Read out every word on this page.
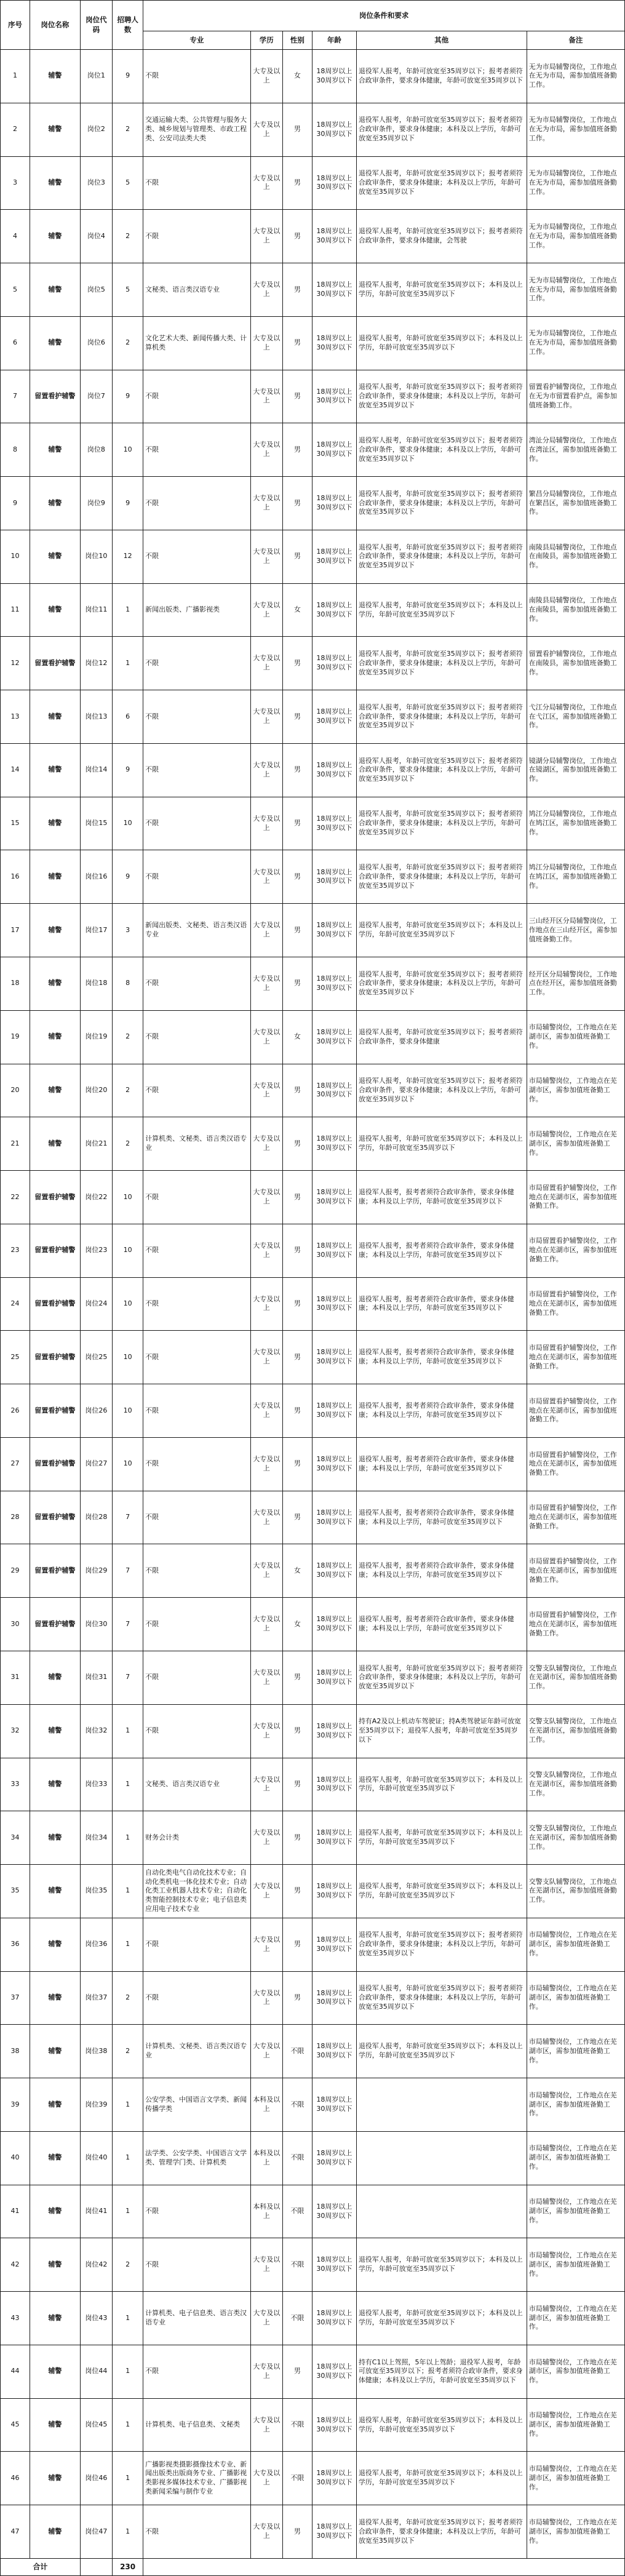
序号	岗位名称	岗位代码	招聘人数	岗位条件和要求					
				专业	学历	性别	年龄	其他	备注
1	辅警	岗位1	9	不限	大专及以上	女	18周岁以上30周岁以下	退役军人报考，年龄可放宽至35周岁以下；报考者须符合政审条件，要求身体健康，年龄可放宽至35周岁以下	无为市局辅警岗位，工作地点在无为市局，需参加值班备勤工作。
2	辅警	岗位2	2	交通运输大类、公共管理与服务大类、城乡规划与管理类、市政工程类、公安司法类大类	大专及以上	男	18周岁以上30周岁以下	退役军人报考，年龄可放宽至35周岁以下；报考者须符合政审条件，要求身体健康；本科及以上学历，年龄可放宽至35周岁以下	无为市局辅警岗位，工作地点在无为市局，需参加值班备勤工作。
3	辅警	岗位3	5	不限	大专及以上	男	18周岁以上30周岁以下	退役军人报考，年龄可放宽至35周岁以下；报考者须符合政审条件，要求身体健康；本科及以上学历，年龄可放宽至35周岁以下	无为市局辅警岗位，工作地点在无为市局，需参加值班备勤工作。
4	辅警	岗位4	2	不限	大专及以上	男	18周岁以上30周岁以下	退役军人报考，年龄可放宽至35周岁以下；报考者须符合政审条件，要求身体健康，会驾驶	无为市局辅警岗位，工作地点在无为市局，需参加值班备勤工作。
5	辅警	岗位5	5	文秘类、语言类汉语专业	大专及以上	男	18周岁以上30周岁以下	退役军人报考，年龄可放宽至35周岁以下；本科及以上学历，年龄可放宽至35周岁以下	无为市局辅警岗位，工作地点在无为市局，需参加值班备勤工作。
6	辅警	岗位6	2	文化艺术大类、新闻传播大类、计算机类	大专及以上	男	18周岁以上30周岁以下	退役军人报考，年龄可放宽至35周岁以下；本科及以上学历，年龄可放宽至35周岁以下	无为市局辅警岗位，工作地点在无为市局，需参加值班备勤工作。
7	留置看护辅警	岗位7	9	不限	大专及以上	男	18周岁以上30周岁以下	退役军人报考，年龄可放宽至35周岁以下；报考者须符合政审条件，要求身体健康；本科及以上学历，年龄可放宽至35周岁以下	留置看护辅警岗位，工作地点在无为市留置看护点，需参加值班备勤工作。
8	辅警	岗位8	10	不限	大专及以上	男	18周岁以上30周岁以下	退役军人报考，年龄可放宽至35周岁以下；报考者须符合政审条件，要求身体健康；本科及以上学历，年龄可放宽至35周岁以下	湾沚分局辅警岗位，工作地点在湾沚区，需参加值班备勤工作。
9	辅警	岗位9	9	不限	大专及以上	男	18周岁以上30周岁以下	退役军人报考，年龄可放宽至35周岁以下；报考者须符合政审条件，要求身体健康；本科及以上学历，年龄可放宽至35周岁以下	繁昌分局辅警岗位，工作地点在繁昌区，需参加值班备勤工作。
10	辅警	岗位10	12	不限	大专及以上	男	18周岁以上30周岁以下	退役军人报考，年龄可放宽至35周岁以下；报考者须符合政审条件，要求身体健康；本科及以上学历，年龄可放宽至35周岁以下	南陵县局辅警岗位，工作地点在南陵县，需参加值班备勤工作。
11	辅警	岗位11	1	新闻出版类、广播影视类	大专及以上	女	18周岁以上30周岁以下	退役军人报考，年龄可放宽至35周岁以下；本科及以上学历，年龄可放宽至35周岁以下	南陵县局辅警岗位，工作地点在南陵县，需参加值班备勤工作。
12	留置看护辅警	岗位12	1	不限	大专及以上	男	18周岁以上30周岁以下	退役军人报考，年龄可放宽至35周岁以下；报考者须符合政审条件，要求身体健康；本科及以上学历，年龄可放宽至35周岁以下	留置看护辅警岗位，工作地点在南陵县，需参加值班备勤工作。
13	辅警	岗位13	6	不限	大专及以上	男	18周岁以上30周岁以下	退役军人报考，年龄可放宽至35周岁以下；报考者须符合政审条件，要求身体健康；本科及以上学历，年龄可放宽至35周岁以下	弋江分局辅警岗位，工作地点在弋江区，需参加值班备勤工作。
14	辅警	岗位14	9	不限	大专及以上	男	18周岁以上30周岁以下	退役军人报考，年龄可放宽至35周岁以下；报考者须符合政审条件，要求身体健康；本科及以上学历，年龄可放宽至35周岁以下	镜湖分局辅警岗位，工作地点在镜湖区，需参加值班备勤工作。
15	辅警	岗位15	10	不限	大专及以上	男	18周岁以上30周岁以下	退役军人报考，年龄可放宽至35周岁以下；报考者须符合政审条件，要求身体健康；本科及以上学历，年龄可放宽至35周岁以下	鸠江分局辅警岗位，工作地点在鸠江区，需参加值班备勤工作。
16	辅警	岗位16	9	不限	大专及以上	男	18周岁以上30周岁以下	退役军人报考，年龄可放宽至35周岁以下；报考者须符合政审条件，要求身体健康；本科及以上学历，年龄可放宽至35周岁以下	鸠江分局辅警岗位，工作地点在鸠江区，需参加值班备勤工作。
17	辅警	岗位17	3	新闻出版类、文秘类、语言类汉语专业	大专及以上	男	18周岁以上30周岁以下	退役军人报考，年龄可放宽至35周岁以下；本科及以上学历，年龄可放宽至35周岁以下	三山经开区分局辅警岗位，工作地点在三山经开区，需参加值班备勤工作。
18	辅警	岗位18	8	不限	大专及以上	男	18周岁以上30周岁以下	退役军人报考，年龄可放宽至35周岁以下；报考者须符合政审条件，要求身体健康；本科及以上学历，年龄可放宽至35周岁以下	经开区分局辅警岗位，工作地点在经开区，需参加值班备勤工作。
19	辅警	岗位19	2	不限	大专及以上	女	18周岁以上30周岁以下	退役军人报考，年龄可放宽至35周岁以下；报考者须符合政审条件，要求身体健康	市局辅警岗位，工作地点在芜湖市区，需参加值班备勤工作。
20	辅警	岗位20	2	不限	大专及以上	男	18周岁以上30周岁以下	退役军人报考，年龄可放宽至35周岁以下；报考者须符合政审条件，要求身体健康；本科及以上学历，年龄可放宽至35周岁以下	市局辅警岗位，工作地点在芜湖市区，需参加值班备勤工作。
21	辅警	岗位21	2	计算机类、文秘类、语言类汉语专业	大专及以上	男	18周岁以上30周岁以下	退役军人报考，年龄可放宽至35周岁以下；本科及以上学历，年龄可放宽至35周岁以下	市局辅警岗位，工作地点在芜湖市区，需参加值班备勤工作。
22	留置看护辅警	岗位22	10	不限	大专及以上	男	18周岁以上30周岁以下	退役军人报考，报考者须符合政审条件，要求身体健康；本科及以上学历，年龄可放宽至35周岁以下	市局留置看护辅警岗位，工作地点在芜湖市区，需参加值班备勤工作。
23	留置看护辅警	岗位23	10	不限	大专及以上	男	18周岁以上30周岁以下	退役军人报考，报考者须符合政审条件，要求身体健康；本科及以上学历，年龄可放宽至35周岁以下	市局留置看护辅警岗位，工作地点在芜湖市区，需参加值班备勤工作。
24	留置看护辅警	岗位24	10	不限	大专及以上	男	18周岁以上30周岁以下	退役军人报考，报考者须符合政审条件，要求身体健康；本科及以上学历，年龄可放宽至35周岁以下	市局留置看护辅警岗位，工作地点在芜湖市区，需参加值班备勤工作。
25	留置看护辅警	岗位25	10	不限	大专及以上	男	18周岁以上30周岁以下	退役军人报考，报考者须符合政审条件，要求身体健康；本科及以上学历，年龄可放宽至35周岁以下	市局留置看护辅警岗位，工作地点在芜湖市区，需参加值班备勤工作。
26	留置看护辅警	岗位26	10	不限	大专及以上	男	18周岁以上30周岁以下	退役军人报考，报考者须符合政审条件，要求身体健康；本科及以上学历，年龄可放宽至35周岁以下	市局留置看护辅警岗位，工作地点在芜湖市区，需参加值班备勤工作。
27	留置看护辅警	岗位27	10	不限	大专及以上	男	18周岁以上30周岁以下	退役军人报考，报考者须符合政审条件，要求身体健康；本科及以上学历，年龄可放宽至35周岁以下	市局留置看护辅警岗位，工作地点在芜湖市区，需参加值班备勤工作。
28	留置看护辅警	岗位28	7	不限	大专及以上	男	18周岁以上30周岁以下	退役军人报考，报考者须符合政审条件，要求身体健康；本科及以上学历，年龄可放宽至35周岁以下	市局留置看护辅警岗位，工作地点在芜湖市区，需参加值班备勤工作。
29	留置看护辅警	岗位29	7	不限	大专及以上	女	18周岁以上30周岁以下	退役军人报考，报考者须符合政审条件，要求身体健康；本科及以上学历，年龄可放宽至35周岁以下	市局留置看护辅警岗位，工作地点在芜湖市区，需参加值班备勤工作。
30	留置看护辅警	岗位30	7	不限	大专及以上	女	18周岁以上30周岁以下	退役军人报考，报考者须符合政审条件，要求身体健康；本科及以上学历，年龄可放宽至35周岁以下	市局留置看护辅警岗位，工作地点在芜湖市区，需参加值班备勤工作。
31	辅警	岗位31	7	不限	大专及以上	男	18周岁以上30周岁以下	退役军人报考，年龄可放宽至35周岁以下；报考者须符合政审条件，要求身体健康；本科及以上学历，年龄可放宽至35周岁以下	交警支队辅警岗位，工作地点在芜湖市区，需参加值班备勤工作。
32	辅警	岗位32	1	不限	大专及以上	男	18周岁以上30周岁以下	持有A2及以上机动车驾驶证；持A类驾驶证年龄可放宽至35周岁以下；退役军人报考，年龄可放宽至35周岁以下	交警支队辅警岗位，工作地点在芜湖市区，需参加值班备勤工作。
33	辅警	岗位33	1	文秘类、语言类汉语专业	大专及以上	男	18周岁以上30周岁以下	退役军人报考，年龄可放宽至35周岁以下；本科及以上学历，年龄可放宽至35周岁以下	交警支队辅警岗位，工作地点在芜湖市区，需参加值班备勤工作。
34	辅警	岗位34	1	财务会计类	大专及以上	男	18周岁以上30周岁以下	退役军人报考，年龄可放宽至35周岁以下；本科及以上学历，年龄可放宽至35周岁以下	交警支队辅警岗位，工作地点在芜湖市区，需参加值班备勤工作。
35	辅警	岗位35	1	自动化类电气自动化技术专业；自动化类机电一体化技术专业；自动化类工业机器人技术专业；自动化类智能控制技术专业；电子信息类应用电子技术专业	大专及以上	男	18周岁以上30周岁以下	退役军人报考，年龄可放宽至35周岁以下；本科及以上学历，年龄可放宽至35周岁以下	交警支队辅警岗位，工作地点在芜湖市区，需参加值班备勤工作。
36	辅警	岗位36	1	不限	大专及以上	男	18周岁以上30周岁以下	退役军人报考，年龄可放宽至35周岁以下；报考者须符合政审条件，要求身体健康；本科及以上学历，年龄可放宽至35周岁以下	市局辅警岗位，工作地点在芜湖市区，需参加值班备勤工作。
37	辅警	岗位37	2	不限	大专及以上	男	18周岁以上30周岁以下	退役军人报考，年龄可放宽至35周岁以下；报考者须符合政审条件，要求身体健康；本科及以上学历，年龄可放宽至35周岁以下	市局辅警岗位，工作地点在芜湖市区，需参加值班备勤工作。
38	辅警	岗位38	2	计算机类、文秘类、语言类汉语专业	大专及以上	不限	18周岁以上30周岁以下	退役军人报考，年龄可放宽至35周岁以下；本科及以上学历，年龄可放宽至35周岁以下	市局辅警岗位，工作地点在芜湖市区，需参加值班备勤工作。
39	辅警	岗位39	1	公安学类、中国语言文学类、新闻传播学类	本科及以上	不限	18周岁以上30周岁以下		市局辅警岗位，工作地点在芜湖市区，需参加值班备勤工作。
40	辅警	岗位40	1	法学类、公安学类、中国语言文学类、管理学门类、计算机类	本科及以上	不限	18周岁以上30周岁以下		市局辅警岗位，工作地点在芜湖市区，需参加值班备勤工作。
41	辅警	岗位41	1	不限	本科及以上	不限	18周岁以上30周岁以下		市局辅警岗位，工作地点在芜湖市区，需参加值班备勤工作。
42	辅警	岗位42	2	不限	大专及以上	不限	18周岁以上30周岁以下	退役军人报考，年龄可放宽至35周岁以下；本科及以上学历，年龄可放宽至35周岁以下	市局辅警岗位，工作地点在芜湖市区，需参加值班备勤工作。
43	辅警	岗位43	1	计算机类、电子信息类、语言类汉语专业	大专及以上	不限	18周岁以上30周岁以下	退役军人报考，年龄可放宽至35周岁以下；本科及以上学历，年龄可放宽至35周岁以下	市局辅警岗位，工作地点在芜湖市区，需参加值班备勤工作。
44	辅警	岗位44	1	不限	大专及以上	男	18周岁以上30周岁以下	持有C1以上驾照，5年以上驾龄；退役军人报考，年龄可放宽至35周岁以下；报考者须符合政审条件，要求身体健康；本科及以上学历，年龄可放宽至35周岁以下	市局辅警岗位，工作地点在芜湖市区，需参加值班备勤工作。
45	辅警	岗位45	1	计算机类、电子信息类、文秘类	大专及以上	不限	18周岁以上30周岁以下	退役军人报考，年龄可放宽至35周岁以下；本科及以上学历，年龄可放宽至35周岁以下	市局辅警岗位，工作地点在芜湖市区，需参加值班备勤工作。
46	辅警	岗位46	1	广播影视类摄影摄像技术专业、新闻出版类出版商务专业、广播影视类影视多媒体技术专业、广播影视类新闻采编与制作专业	大专及以上	不限	18周岁以上30周岁以下	退役军人报考，年龄可放宽至35周岁以下；本科及以上学历，年龄可放宽至35周岁以下	市局辅警岗位，工作地点在芜湖市区，需参加值班备勤工作。
47	辅警	岗位47	1	不限	大专及以上	男	18周岁以上30周岁以下	退役军人报考，年龄可放宽至35周岁以下；报考者须符合政审条件，要求身体健康；本科及以上学历，年龄可放宽至35周岁以下	市局辅警岗位，工作地点在芜湖市区，需参加值班备勤工作。
合计			230						
